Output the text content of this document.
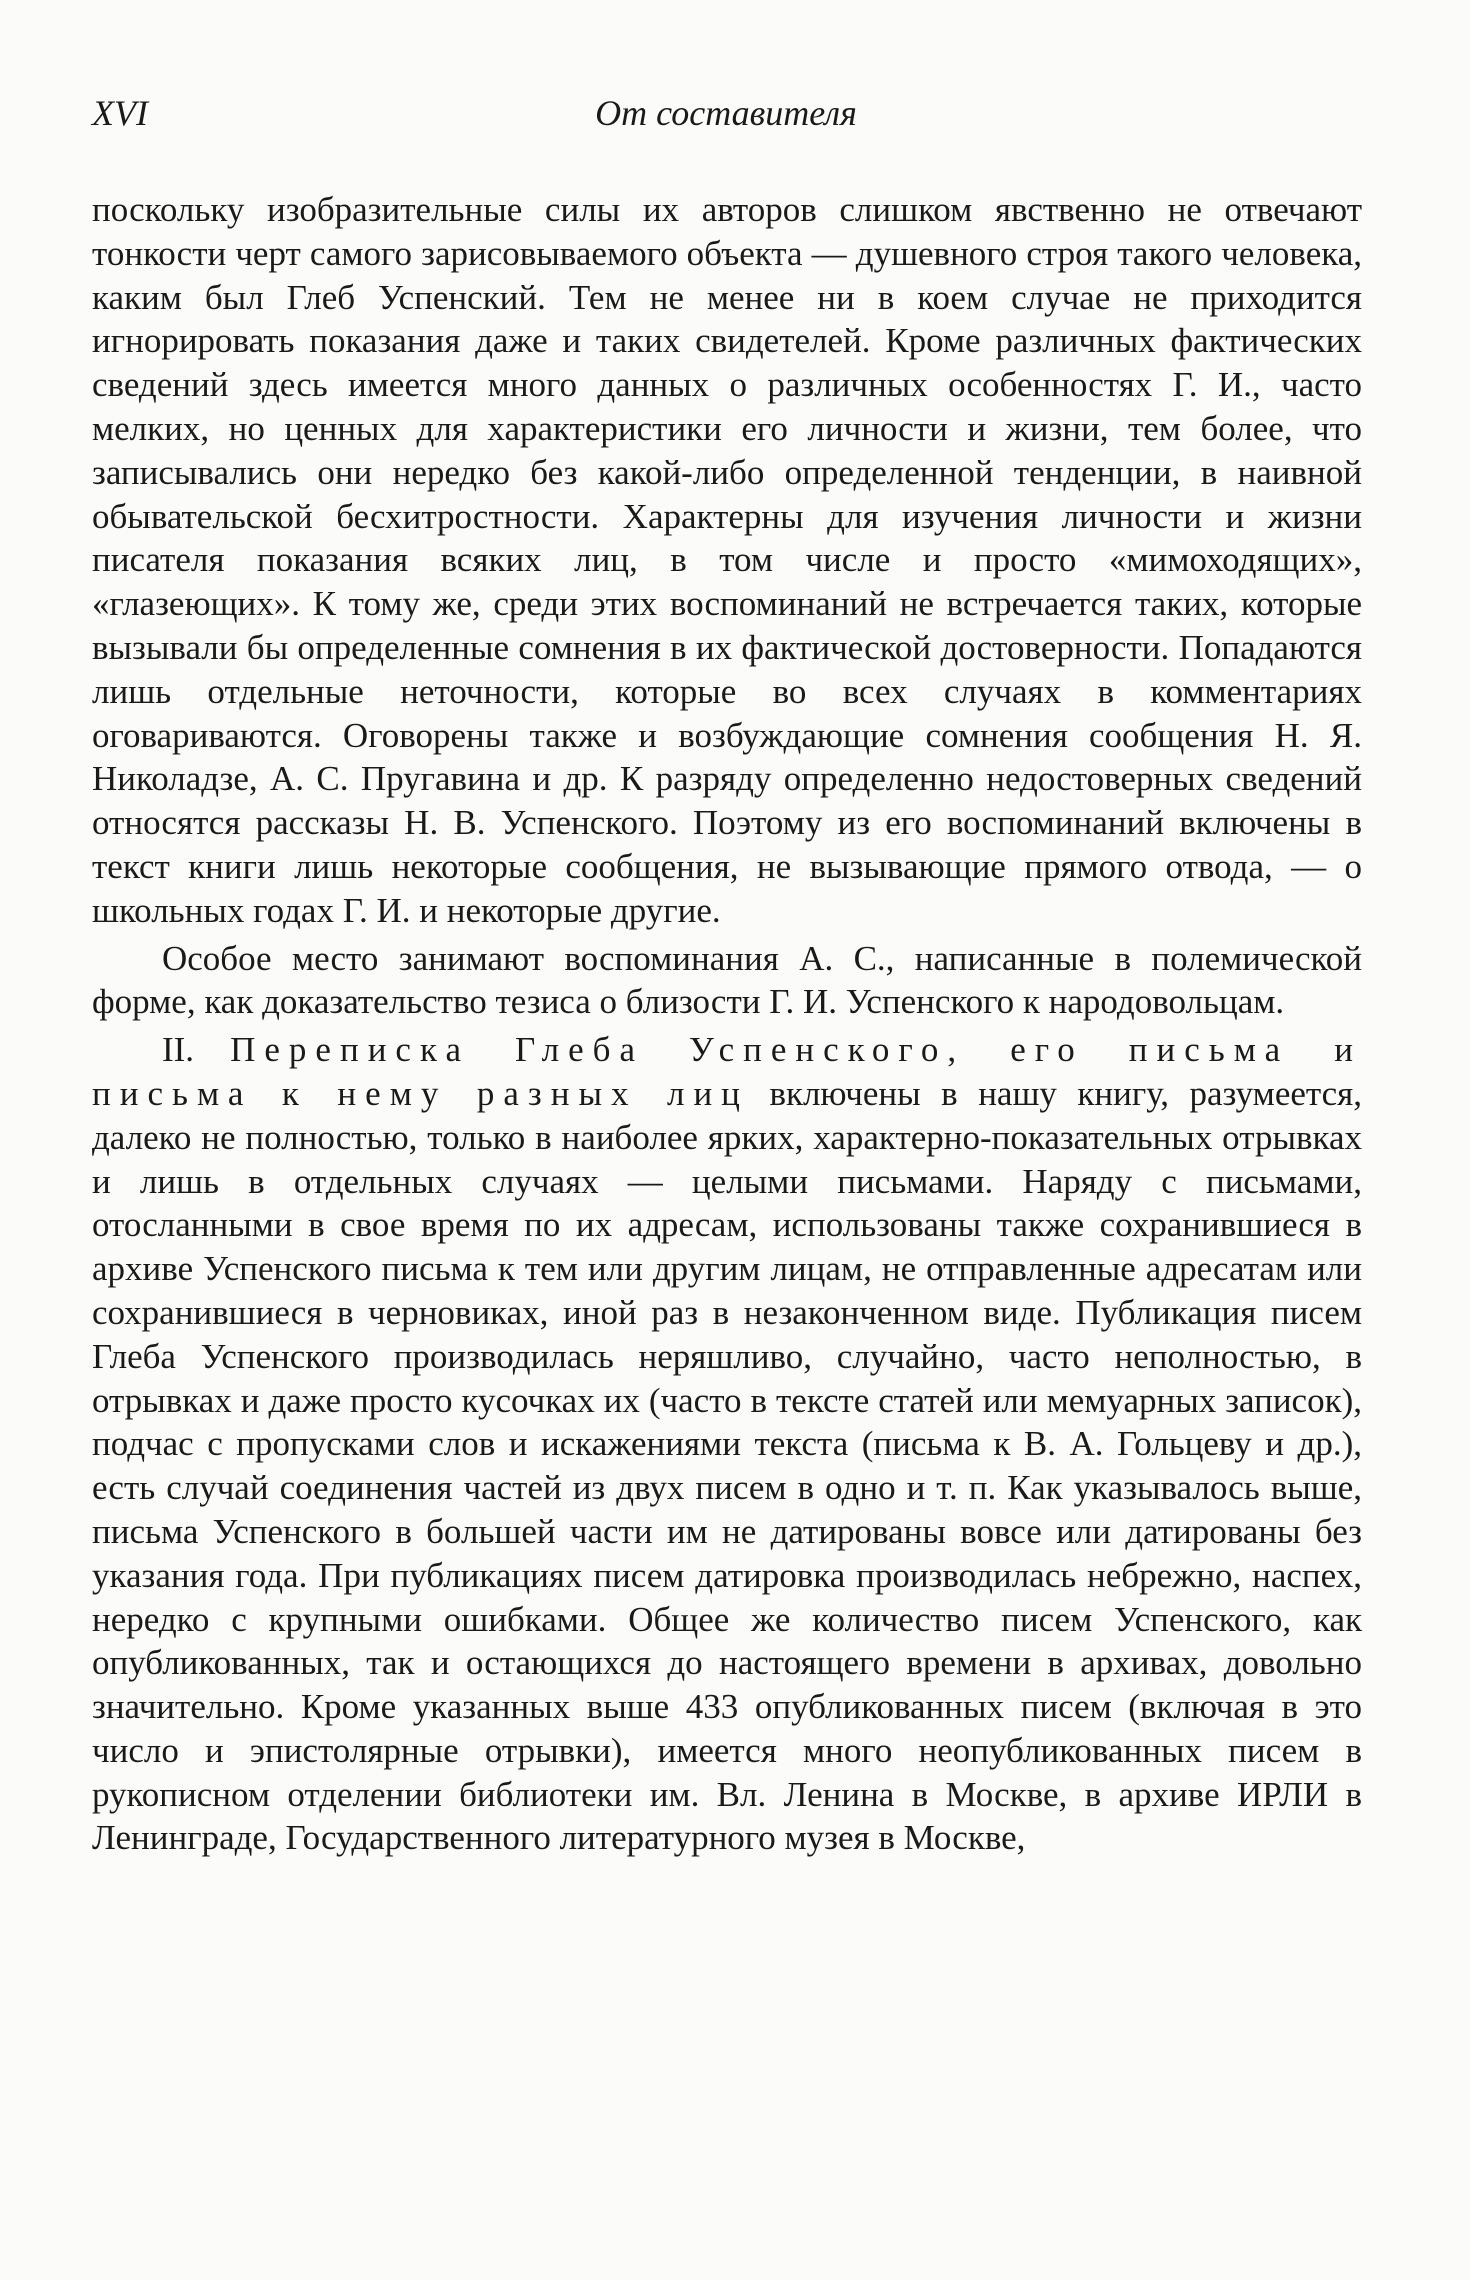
XVI	От составителя

поскольку изобразительные силы их авторов слишком явственно не отвечают тонкости черт самого зарисовываемого объекта — душевного строя такого человека, каким был Глеб Успенский. Тем не менее ни в коем случае не приходится игнорировать показания даже и таких свидетелей. Кроме различных фактических сведений здесь имеется много данных о различных особенностях Г. И., часто мелких, но ценных для характеристики его личности и жизни, тем более, что записывались они нередко без какой-либо определенной тенденции, в наивной обывательской бесхитростности. Характерны для изучения личности и жизни писателя показания всяких лиц, в том числе и просто «мимоходящих», «глазеющих». К тому же, среди этих воспоминаний не встречается таких, которые вызывали бы определенные сомнения в их фактической достоверности. Попадаются лишь отдельные неточности, которые во всех случаях в комментариях оговариваются. Оговорены также и возбуждающие сомнения сообщения Н. Я. Николадзе, А. С. Пругавина и др. К разряду определенно недостоверных сведений относятся рассказы Н. В. Успенского. Поэтому из его воспоминаний включены в текст книги лишь некоторые сообщения, не вызывающие прямого отвода, — о школьных годах Г. И. и некоторые другие.

Особое место занимают воспоминания А. С., написанные в полемической форме, как доказательство тезиса о близости Г. И. Успенского к народовольцам.

II. Переписка Глеба Успенского, его письма и письма к нему разных лиц включены в нашу книгу, разумеется, далеко не полностью, только в наиболее ярких, характерно-показательных отрывках и лишь в отдельных случаях — целыми письмами. Наряду с письмами, отосланными в свое время по их адресам, использованы также сохранившиеся в архиве Успенского письма к тем или другим лицам, не отправленные адресатам или сохранившиеся в черновиках, иной раз в незаконченном виде. Публикация писем Глеба Успенского производилась неряшливо, случайно, часто неполностью, в отрывках и даже просто кусочках их (часто в тексте статей или мемуарных записок), подчас с пропусками слов и искажениями текста (письма к В. А. Гольцеву и др.), есть случай соединения частей из двух писем в одно и т. п. Как указывалось выше, письма Успенского в большей части им не датированы вовсе или датированы без указания года. При публикациях писем датировка производилась небрежно, наспех, нередко с крупными ошибками. Общее же количество писем Успенского, как опубликованных, так и остающихся до настоящего времени в архивах, довольно значительно. Кроме указанных выше 433 опубликованных писем (включая в это число и эпистолярные отрывки), имеется много неопубликованных писем в рукописном отделении библиотеки им. Вл. Ленина в Москве, в архиве ИРЛИ в Ленинграде, Государственного литературного музея в Москве,
